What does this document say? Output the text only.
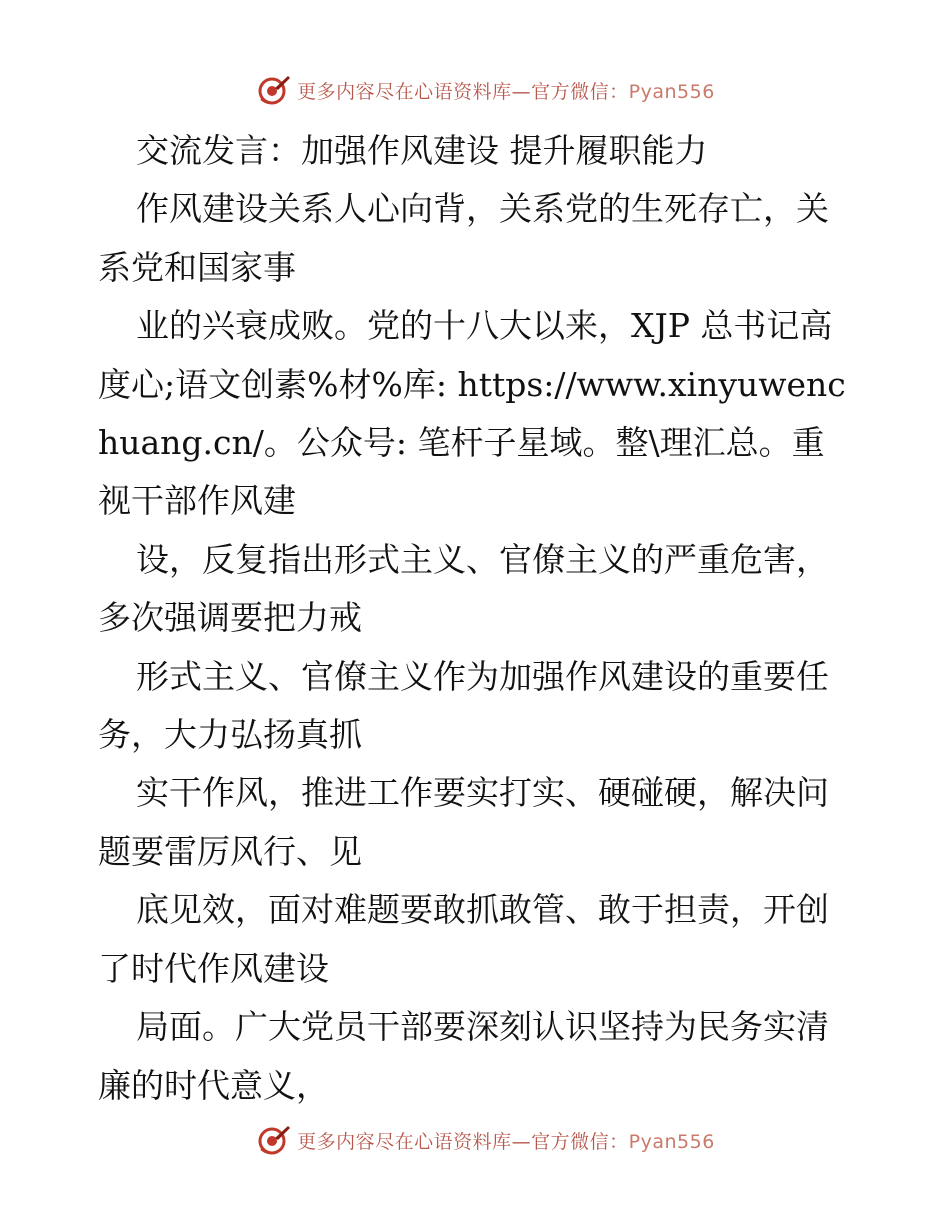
更多内容尽在心语资料库—官方微信：Pyan556

交流发言：加强作风建设 提升履职能力

作风建设关系人心向背，关系党的生死存亡，关系党和国家事

业的兴衰成败。党的十八大以来，XJP 总书记高度心;语文创素%材%库: https://www.xinyuwenchuang.cn/。公众号: 笔杆子星域。整\理汇总。重视干部作风建

设，反复指出形式主义、官僚主义的严重危害，多次强调要把力戒

形式主义、官僚主义作为加强作风建设的重要任务，大力弘扬真抓

实干作风，推进工作要实打实、硬碰硬，解决问题要雷厉风行、见

底见效，面对难题要敢抓敢管、敢于担责，开创了时代作风建设

局面。广大党员干部要深刻认识坚持为民务实清廉的时代意义，

更多内容尽在心语资料库—官方微信：Pyan556
